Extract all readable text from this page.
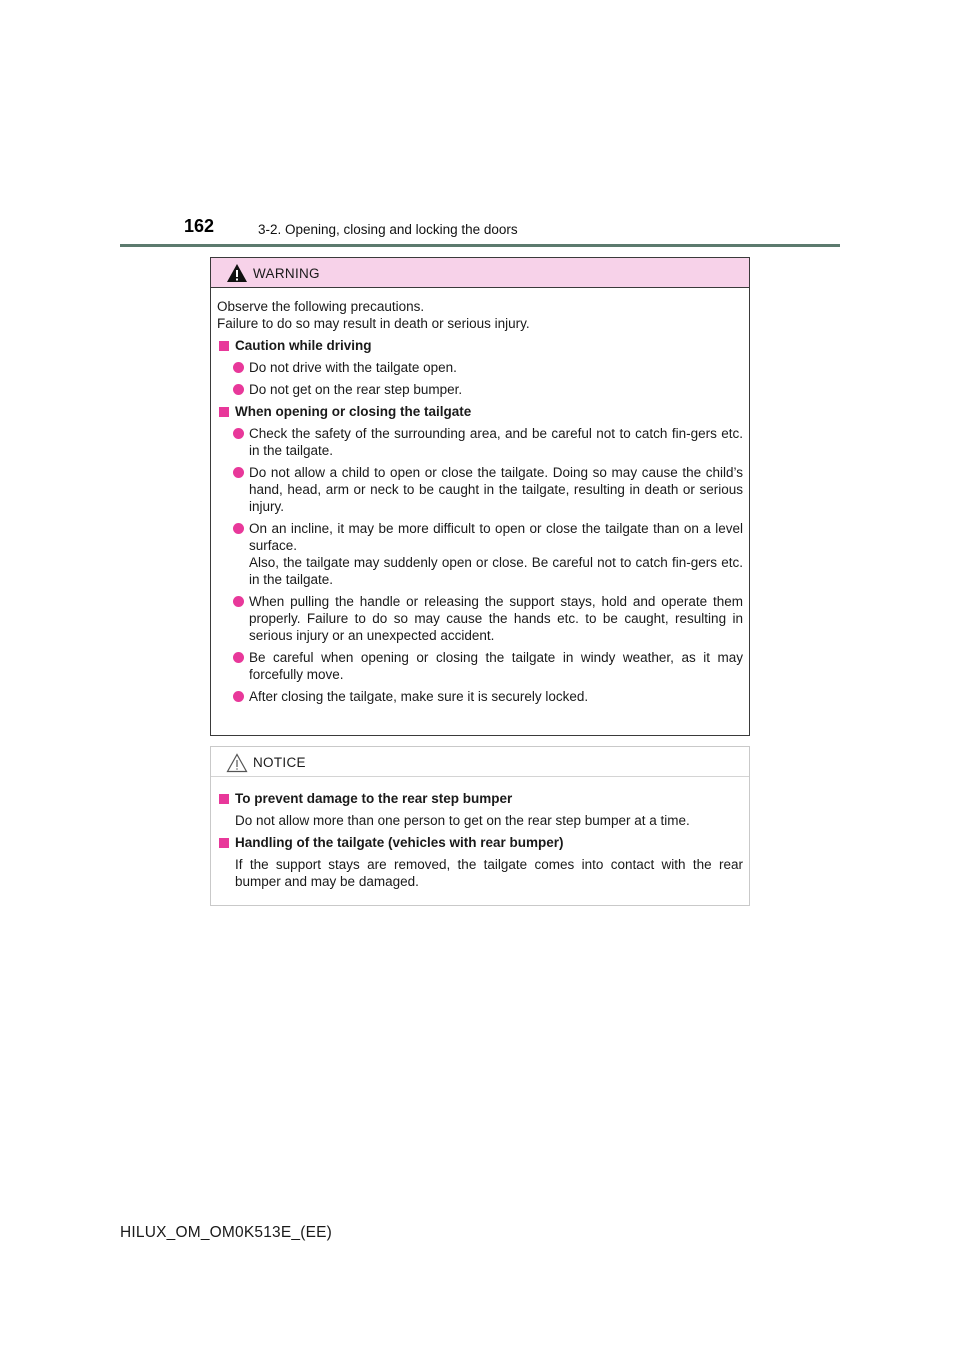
162	3-2. Opening, closing and locking the doors
WARNING

Observe the following precautions.

Failure to do so may result in death or serious injury.

Caution while driving
Do not drive with the tailgate open.
Do not get on the rear step bumper.
When opening or closing the tailgate
Check the safety of the surrounding area, and be careful not to catch fin-gers etc. in the tailgate.
Do not allow a child to open or close the tailgate. Doing so may cause the child’s hand, head, arm or neck to be caught in the tailgate, resulting in death or serious injury.
On an incline, it may be more difficult to open or close the tailgate than on a level surface.
Also, the tailgate may suddenly open or close. Be careful not to catch fin-gers etc. in the tailgate.
When pulling the handle or releasing the support stays, hold and operate them properly. Failure to do so may cause the hands etc. to be caught, resulting in serious injury or an unexpected accident.
Be careful when opening or closing the tailgate in windy weather, as it may forcefully move.
After closing the tailgate, make sure it is securely locked.
NOTICE
To prevent damage to the rear step bumper
Do not allow more than one person to get on the rear step bumper at a time.
Handling of the tailgate (vehicles with rear bumper)
If the support stays are removed, the tailgate comes into contact with the rear bumper and may be damaged.
HILUX_OM_OM0K513E_(EE)
